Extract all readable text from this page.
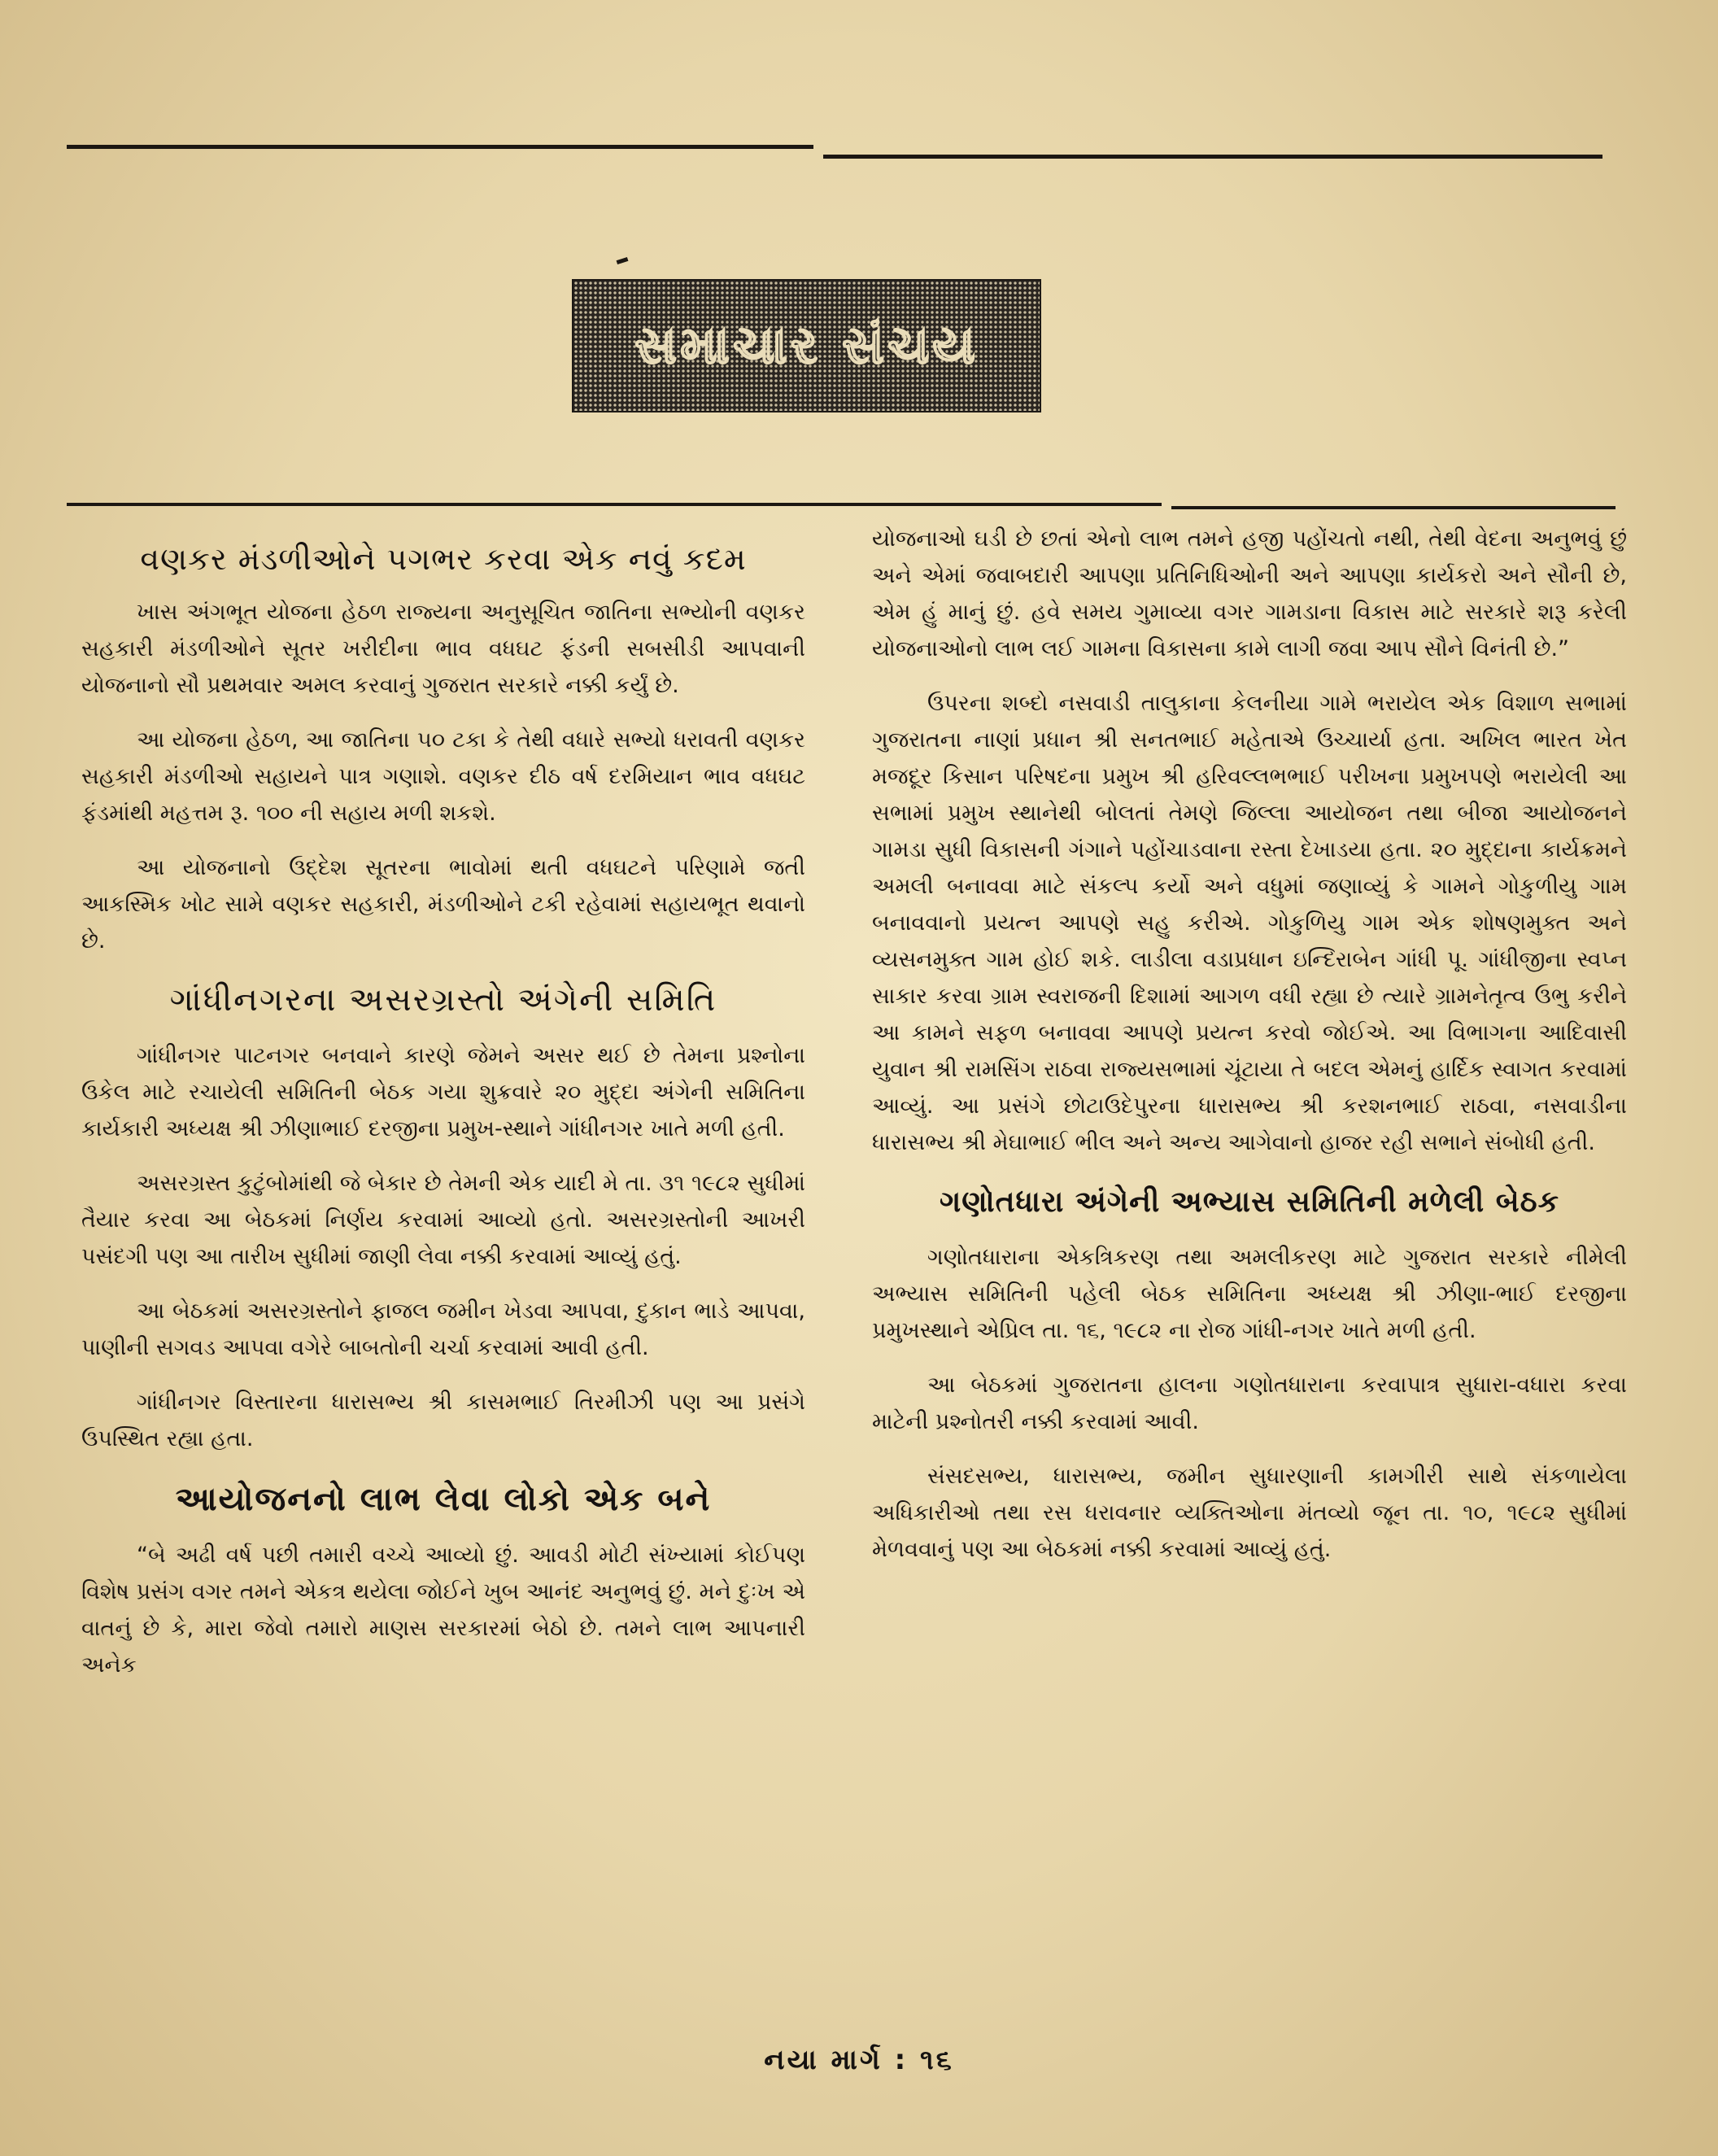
સમાચાર સંચય
વણકર મંડળીઓને પગભર કરવા એક નવું કદમ

ખાસ અંગભૂત યોજના હેઠળ રાજ્યના અનુસૂચિત જાતિના સભ્યોની વણકર સહકારી મંડળીઓને સૂતર ખરીદીના ભાવ વધઘટ ફંડની સબસીડી આપવાની યોજનાનો સૌ પ્રથમવાર અમલ કરવાનું ગુજરાત સરકારે નક્કી કર્યું છે.

આ યોજના હેઠળ, આ જાતિના ૫૦ ટકા કે તેથી વધારે સભ્યો ધરાવતી વણકર સહકારી મંડળીઓ સહાયને પાત્ર ગણાશે. વણકર દીઠ વર્ષ દરમિયાન ભાવ વધઘટ ફંડમાંથી મહત્તમ રૂ. ૧૦૦ ની સહાય મળી શકશે.

આ યોજનાનો ઉદ્દેશ સૂતરના ભાવોમાં થતી વધઘટને પરિણામે જતી આકસ્મિક ખોટ સામે વણકર સહકારી, મંડળીઓને ટકી રહેવામાં સહાયભૂત થવાનો છે.

ગાંધીનગરના અસરગ્રસ્તો અંગેની સમિતિ

ગાંધીનગર પાટનગર બનવાને કારણે જેમને અસર થઈ છે તેમના પ્રશ્નોના ઉકેલ માટે રચાયેલી સમિતિની બેઠક ગયા શુક્રવારે ૨૦ મુદ્દા અંગેની સમિતિના કાર્યકારી અધ્યક્ષ શ્રી ઝીણાભાઈ દરજીના પ્રમુખ-સ્થાને ગાંધીનગર ખાતે મળી હતી.

અસરગ્રસ્ત કુટુંબોમાંથી જે બેકાર છે તેમની એક યાદી મે તા. ૩૧ ૧૯૮૨ સુધીમાં તૈયાર કરવા આ બેઠકમાં નિર્ણય કરવામાં આવ્યો હતો. અસરગ્રસ્તોની આખરી પસંદગી પણ આ તારીખ સુધીમાં જાણી લેવા નક્કી કરવામાં આવ્યું હતું.

આ બેઠકમાં અસરગ્રસ્તોને ફાજલ જમીન ખેડવા આપવા, દુકાન ભાડે આપવા, પાણીની સગવડ આપવા વગેરે બાબતોની ચર્ચા કરવામાં આવી હતી.

ગાંધીનગર વિસ્તારના ધારાસભ્ય શ્રી કાસમભાઈ તિરમીઝી પણ આ પ્રસંગે ઉપસ્થિત રહ્યા હતા.

આયોજનનો લાભ લેવા લોકો એક બને

“બે અઢી વર્ષ પછી તમારી વચ્ચે આવ્યો છું. આવડી મોટી સંખ્યામાં કોઈપણ વિશેષ પ્રસંગ વગર તમને એકત્ર થયેલા જોઈને ખુબ આનંદ અનુભવું છું. મને દુઃખ એ વાતનું છે કે, મારા જેવો તમારો માણસ સરકારમાં બેઠો છે. તમને લાભ આપનારી અનેક

યોજનાઓ ઘડી છે છતાં એનો લાભ તમને હજી પહોંચતો નથી, તેથી વેદના અનુભવું છું અને એમાં જવાબદારી આપણા પ્રતિનિધિઓની અને આપણા કાર્યકરો અને સૌની છે, એમ હું માનું છું. હવે સમય ગુમાવ્યા વગર ગામડાના વિકાસ માટે સરકારે શરૂ કરેલી યોજનાઓનો લાભ લઈ ગામના વિકાસના કામે લાગી જવા આપ સૌને વિનંતી છે.”

ઉપરના શબ્દો નસવાડી તાલુકાના કેલનીયા ગામે ભરાયેલ એક વિશાળ સભામાં ગુજરાતના નાણાં પ્રધાન શ્રી સનતભાઈ મહેતાએ ઉચ્ચાર્યા હતા. અખિલ ભારત ખેત મજદૂર કિસાન પરિષદના પ્રમુખ શ્રી હરિવલ્લભભાઈ પરીખના પ્રમુખપણે ભરાયેલી આ સભામાં પ્રમુખ સ્થાનેથી બોલતાં તેમણે જિલ્લા આયોજન તથા બીજા આયોજનને ગામડા સુધી વિકાસની ગંગાને પહોંચાડવાના રસ્તા દેખાડયા હતા. ૨૦ મુદ્દાના કાર્યક્રમને અમલી બનાવવા માટે સંકલ્પ કર્યો અને વધુમાં જણાવ્યું કે ગામને ગોકુળીયુ ગામ બનાવવાનો પ્રયત્ન આપણે સહુ કરીએ. ગોકુળિયુ ગામ એક શોષણમુક્ત અને વ્યસનમુક્ત ગામ હોઈ શકે. લાડીલા વડાપ્રધાન ઇન્દિરાબેન ગાંધી પૂ. ગાંધીજીના સ્વપ્ન સાકાર કરવા ગ્રામ સ્વરાજની દિશામાં આગળ વધી રહ્યા છે ત્યારે ગ્રામનેતૃત્વ ઉભુ કરીને આ કામને સફળ બનાવવા આપણે પ્રયત્ન કરવો જોઈએ. આ વિભાગના આદિવાસી યુવાન શ્રી રામસિંગ રાઠવા રાજ્યસભામાં ચૂંટાયા તે બદલ એમનું હાર્દિક સ્વાગત કરવામાં આવ્યું. આ પ્રસંગે છોટાઉદેપુરના ધારાસભ્ય શ્રી કરશનભાઈ રાઠવા, નસવાડીના ધારાસભ્ય શ્રી મેઘાભાઈ ભીલ અને અન્ય આગેવાનો હાજર રહી સભાને સંબોધી હતી.

ગણોતધારા અંગેની અભ્યાસ સમિતિની મળેલી બેઠક

ગણોતધારાના એકત્રિકરણ તથા અમલીકરણ માટે ગુજરાત સરકારે નીમેલી અભ્યાસ સમિતિની પહેલી બેઠક સમિતિના અધ્યક્ષ શ્રી ઝીણા-ભાઈ દરજીના પ્રમુખસ્થાને એપ્રિલ તા. ૧૬, ૧૯૮૨ ના રોજ ગાંધી-નગર ખાતે મળી હતી.

આ બેઠકમાં ગુજરાતના હાલના ગણોતધારાના કરવાપાત્ર સુધારા-વધારા કરવા માટેની પ્રશ્નોતરી નક્કી કરવામાં આવી.

સંસદસભ્ય, ધારાસભ્ય, જમીન સુધારણાની કામગીરી સાથે સંકળાયેલા અધિકારીઓ તથા રસ ધરાવનાર વ્યક્તિઓના મંતવ્યો જૂન તા. ૧૦, ૧૯૮૨ સુધીમાં મેળવવાનું પણ આ બેઠકમાં નક્કી કરવામાં આવ્યું હતું.

નયા માર્ગ : ૧૬
